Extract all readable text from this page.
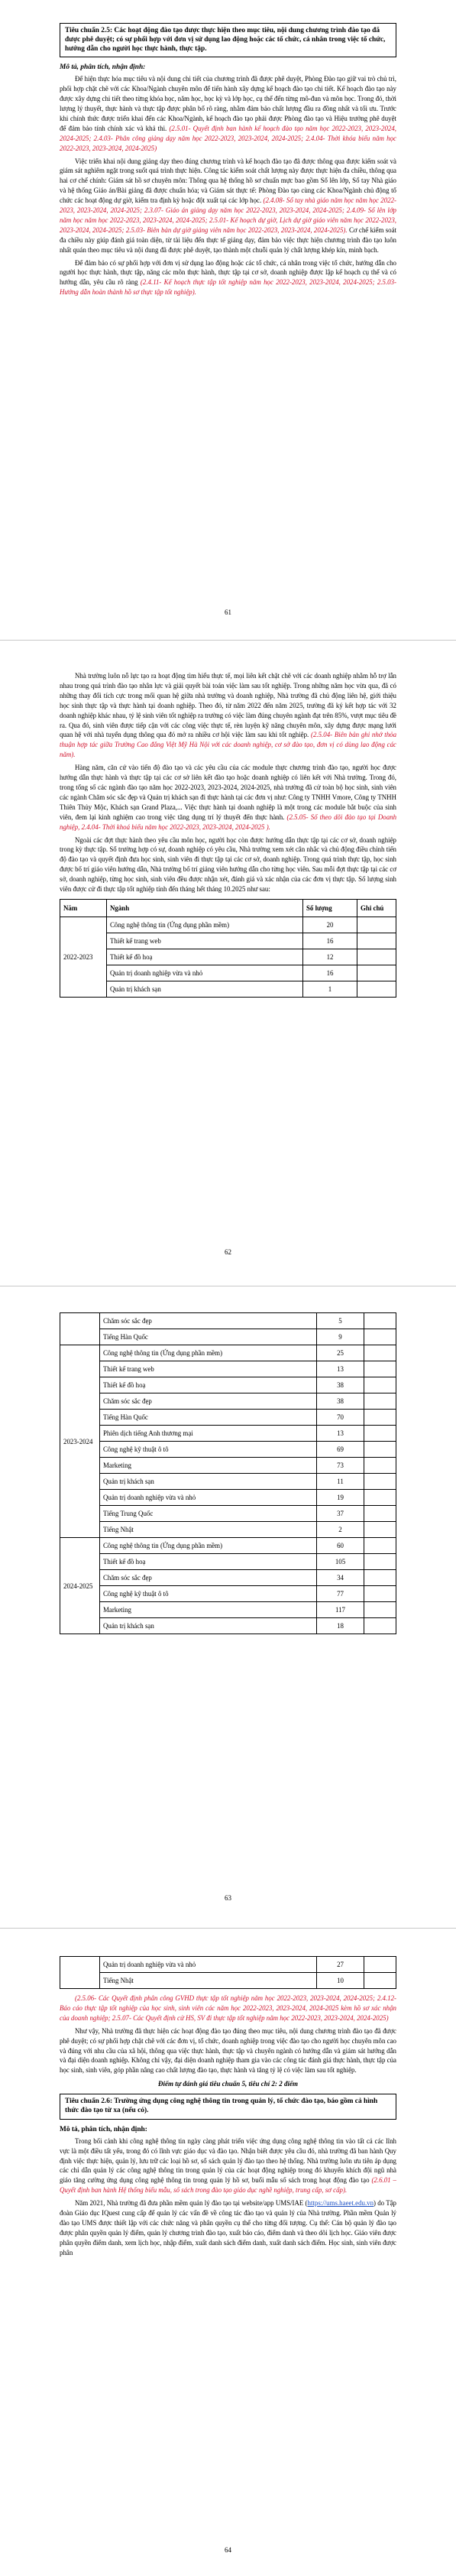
Tiêu chuẩn 2.5: Các hoạt động đào tạo được thực hiện theo mục tiêu, nội dung chương trình đào tạo đã được phê duyệt; có sự phối hợp với đơn vị sử dụng lao động hoặc các tổ chức, cá nhân trong việc tổ chức, hướng dẫn cho người học thực hành, thực tập.
Mô tả, phân tích, nhận định:

Để hiện thực hóa mục tiêu và nội dung chi tiết của chương trình đã được phê duyệt, Phòng Đào tạo giữ vai trò chủ trì, phối hợp chặt chẽ với các Khoa/Ngành chuyên môn để tiến hành xây dựng kế hoạch đào tạo chi tiết. Kế hoạch đào tạo này được xây dựng chi tiết theo từng khóa học, năm học, học kỳ và lớp học, cụ thể đến từng mô-đun và môn học. Trong đó, thời lượng lý thuyết, thực hành và thực tập được phân bổ rõ ràng, nhằm đảm bảo chất lượng đầu ra đồng nhất và tối ưu. Trước khi chính thức được triển khai đến các Khoa/Ngành, kế hoạch đào tạo phải được Phòng đào tạo và Hiệu trưởng phê duyệt để đảm bảo tính chính xác và khả thi. (2.5.01- Quyết định ban hành kế hoạch đào tạo năm học 2022-2023, 2023-2024, 2024-2025; 2.4.03- Phân công giảng dạy năm học 2022-2023, 2023-2024, 2024-2025; 2.4.04- Thời khóa biểu năm học 2022-2023, 2023-2024, 2024-2025)

Việc triển khai nội dung giảng dạy theo đúng chương trình và kế hoạch đào tạo đã được thông qua được kiểm soát và giám sát nghiêm ngặt trong suốt quá trình thực hiện. Công tác kiểm soát chất lượng này được thực hiện đa chiều, thông qua hai cơ chế chính: Giám sát hồ sơ chuyên môn: Thông qua hệ thống hồ sơ chuẩn mực bao gồm Sổ lên lớp, Sổ tay Nhà giáo và hệ thống Giáo án/Bài giảng đã được chuẩn hóa; và Giám sát thực tế: Phòng Đào tạo cùng các Khoa/Ngành chủ động tổ chức các hoạt động dự giờ, kiểm tra định kỳ hoặc đột xuất tại các lớp học. (2.4.08- Sổ tay nhà giáo năm học năm học 2022-2023, 2023-2024, 2024-2025; 2.3.07- Giáo án giảng dạy năm học 2022-2023, 2023-2024, 2024-2025; 2.4.09- Sổ lên lớp năm học năm học 2022-2023, 2023-2024, 2024-2025; 2.5.01- Kế hoạch dự giờ, Lịch dự giờ giáo viên năm học 2022-2023, 2023-2024, 2024-2025; 2.5.03- Biên bản dự giờ giảng viên năm học 2022-2023, 2023-2024, 2024-2025). Cơ chế kiểm soát đa chiều này giúp đánh giá toàn diện, từ tài liệu đến thực tế giảng dạy, đảm bảo việc thực hiện chương trình đào tạo luôn nhất quán theo mục tiêu và nội dung đã được phê duyệt, tạo thành một chuỗi quản lý chất lượng khép kín, minh bạch.

Để đảm bảo có sự phối hợp với đơn vị sử dụng lao động hoặc các tổ chức, cá nhân trong việc tổ chức, hướng dẫn cho người học thực hành, thực tập, năng các môn thực hành, thực tập tại cơ sở, doanh nghiệp được lập kế hoạch cụ thể và có hướng dẫn, yêu cầu rõ ràng (2.4.11- Kế hoạch thực tập tốt nghiệp năm học 2022-2023, 2023-2024, 2024-2025; 2.5.03- Hướng dẫn hoàn thành hồ sơ thực tập tốt nghiệp).

61

Nhà trường luôn nỗ lực tạo ra hoạt động tìm hiểu thực tế, mọi liên kết chặt chẽ với các doanh nghiệp nhằm hỗ trợ lẫn nhau trong quá trình đào tạo nhân lực và giải quyết bài toán việc làm sau tốt nghiệp. Trong những năm học vừa qua, đã có những thay đổi tích cực trong mối quan hệ giữa nhà trường và doanh nghiệp, Nhà trường đã chủ động liên hệ, giới thiệu học sinh thực tập và thực hành tại doanh nghiệp. Theo đó, từ năm 2022 đến năm 2025, trường đã ký kết hợp tác với 32 doanh nghiệp khác nhau, tỷ lệ sinh viên tốt nghiệp ra trường có việc làm đúng chuyên ngành đạt trên 85%, vượt mục tiêu đề ra. Qua đó, sinh viên được tiếp cận với các công việc thực tế, rèn luyện kỹ năng chuyên môn, xây dựng được mạng lưới quan hệ với nhà tuyển dụng thông qua đó mở ra nhiều cơ hội việc làm sau khi tốt nghiệp. (2.5.04- Biên bản ghi nhớ thỏa thuận hợp tác giữa Trường Cao đẳng Việt Mỹ Hà Nội với các doanh nghiệp, cơ sở đào tạo, đơn vị có dùng lao động các năm).

Hàng năm, căn cứ vào tiến độ đào tạo và các yêu cầu của các module thực chương trình đào tạo, người học được hướng dẫn thực hành và thực tập tại các cơ sở liên kết đào tạo hoặc doanh nghiệp có liên kết với Nhà trường. Trong đó, trong tổng số các ngành đào tạo năm học 2022-2023, 2023-2024, 2024-2025, nhà trường đã cử toàn bộ học sinh, sinh viên các ngành Chăm sóc sắc đẹp và Quản trị khách sạn đi thực hành tại các đơn vị như: Công ty TNHH Vmore, Công ty TNHH Thiên Thủy Mộc, Khách sạn Grand Plaza,... Việc thực hành tại doanh nghiệp là một trong các module bắt buộc của sinh viên, đem lại kinh nghiệm cao trong việc tăng dụng trí lý thuyết đến thực hành. (2.5.05- Số theo dõi đào tạo tại Doanh nghiệp, 2.4.04- Thời khoá biểu năm học 2022-2023, 2023-2024, 2024-2025 ).

Ngoài các đợt thực hành theo yêu cầu môn học, người học còn được hướng dẫn thực tập tại các cơ sở, doanh nghiệp trong kỳ thực tập. Sổ trường hợp có sự, doanh nghiệp có yêu cầu, Nhà trường xem xét cân nhắc và chủ động điều chỉnh tiến độ đào tạo và quyết định đưa học sinh, sinh viên đi thực tập tại các cơ sở, doanh nghiệp. Trong quá trình thực tập, học sinh được bố trí giáo viên hướng dẫn, Nhà trường bố trí giảng viên hướng dẫn cho từng học viên. Sau mỗi đợt thực tập tại các cơ sở, doanh nghiệp, từng học sinh, sinh viên đều được nhận xét, đánh giá và xác nhận của các đơn vị thực tập. Số lượng sinh viên được cử đi thực tập tốt nghiệp tính đến tháng hết tháng 10.2025 như sau:

Năm	Ngành	Số lượng	Ghi chú
2022-2023	Công nghệ thông tin (Ứng dụng phần mềm)	20	
	Thiết kế trang web	16	
	Thiết kế đồ hoạ	12	
	Quản trị doanh nghiệp vừa và nhỏ	16	
	Quản trị khách sạn	1	
62
	Chăm sóc sắc đẹp	5	
	Tiếng Hàn Quốc	9	
2023-2024	Công nghệ thông tin (Ứng dụng phần mềm)	25	
	Thiết kế trang web	13	
	Thiết kế đồ hoạ	38	
	Chăm sóc sắc đẹp	38	
	Tiếng Hàn Quốc	70	
	Phiên dịch tiếng Anh thương mại	13	
	Công nghệ kỹ thuật ô tô	69	
	Marketing	73	
	Quản trị khách sạn	11	
	Quản trị doanh nghiệp vừa và nhỏ	19	
	Tiếng Trung Quốc	37	
	Tiếng Nhật	2	
2024-2025	Công nghệ thông tin (Ứng dụng phần mềm)	60	
	Thiết kế đồ hoạ	105	
	Chăm sóc sắc đẹp	34	
	Công nghệ kỹ thuật ô tô	77	
	Marketing	117	
	Quản trị khách sạn	18	
63
	Quản trị doanh nghiệp vừa và nhỏ	27	
	Tiếng Nhật	10	

(2.5.06- Các Quyết định phân công GVHD thực tập tốt nghiệp năm học 2022-2023, 2023-2024, 2024-2025; 2.4.12- Báo cáo thực tập tốt nghiệp của học sinh, sinh viên các năm học 2022-2023, 2023-2024, 2024-2025 kèm hồ sơ xác nhận của doanh nghiệp; 2.5.07- Các Quyết định cử HS, SV đi thực tập tốt nghiệp năm học 2022-2023, 2023-2024, 2024-2025)

Như vậy, Nhà trường đã thực hiện các hoạt động đào tạo đúng theo mục tiêu, nội dung chương trình đào tạo đã được phê duyệt; có sự phối hợp chặt chẽ với các đơn vị, tổ chức, doanh nghiệp trong việc đào tạo cho người học chuyên môn cao và đúng với nhu cầu của xã hội, thông qua việc thực hành, thực tập và chuyên ngành có hướng dẫn và giám sát hướng dẫn và đại diện doanh nghiệp. Không chỉ vậy, đại diện doanh nghiệp tham gia vào các công tác đánh giá thực hành, thực tập của học sinh, sinh viên, góp phần nâng cao chất lượng đào tạo, thực hành và tăng tỷ lệ có việc làm sau tốt nghiệp.

Điểm tự đánh giá tiêu chuẩn 5, tiêu chí 2: 2 điểm
Tiêu chuẩn 2.6: Trường ứng dụng công nghệ thông tin trong quản lý, tổ chức đào tạo, báo gồm cả hình thức đào tạo từ xa (nếu có).
Mô tả, phân tích, nhận định:

Trong bối cảnh khi công nghệ thông tin ngày càng phát triển việc ứng dụng công nghệ thông tin vào tất cả các lĩnh vực là một điều tất yếu, trong đó có lĩnh vực giáo dục và đào tạo. Nhận biết được yêu cầu đó, nhà trường đã ban hành Quy định việc thực hiện, quản lý, lưu trữ các loại hồ sơ, sổ sách quản lý đào tạo theo hệ thống. Nhà trường luôn ưu tiên áp dụng các chỉ dẫn quản lý các công nghệ thông tin trong quản lý của các hoạt động nghiệp trong đó khuyến khích đội ngũ nhà giáo tăng cường ứng dụng công nghệ thông tin trong quản lý hồ sơ, buổi mẫu số sách trong hoạt động đào tạo (2.6.01 – Quyết định ban hành Hệ thống biểu mẫu, số sách trong đào tạo giáo dục nghề nghiệp, trung cấp, sơ cấp).

Năm 2021, Nhà trường đã đưa phần mềm quản lý đào tạo tại website/app UMS/IAE (https://ums.haeet.edu.vn) do Tập đoàn Giáo dục IQuest cung cấp để quản lý các vấn đề về công tác đào tạo và quản lý của Nhà trường. Phần mềm Quản lý đào tạo UMS được thiết lập với các chức năng và phân quyền cụ thể cho từng đối tượng. Cụ thể: Cán bộ quản lý đào tạo được phân quyền quản lý điểm, quản lý chương trình đào tạo, xuất báo cáo, điểm danh và theo dõi lịch học. Giáo viên được phân quyền điểm danh, xem lịch học, nhập điểm, xuất danh sách điểm danh, xuất danh sách điểm. Học sinh, sinh viên được phân

64
